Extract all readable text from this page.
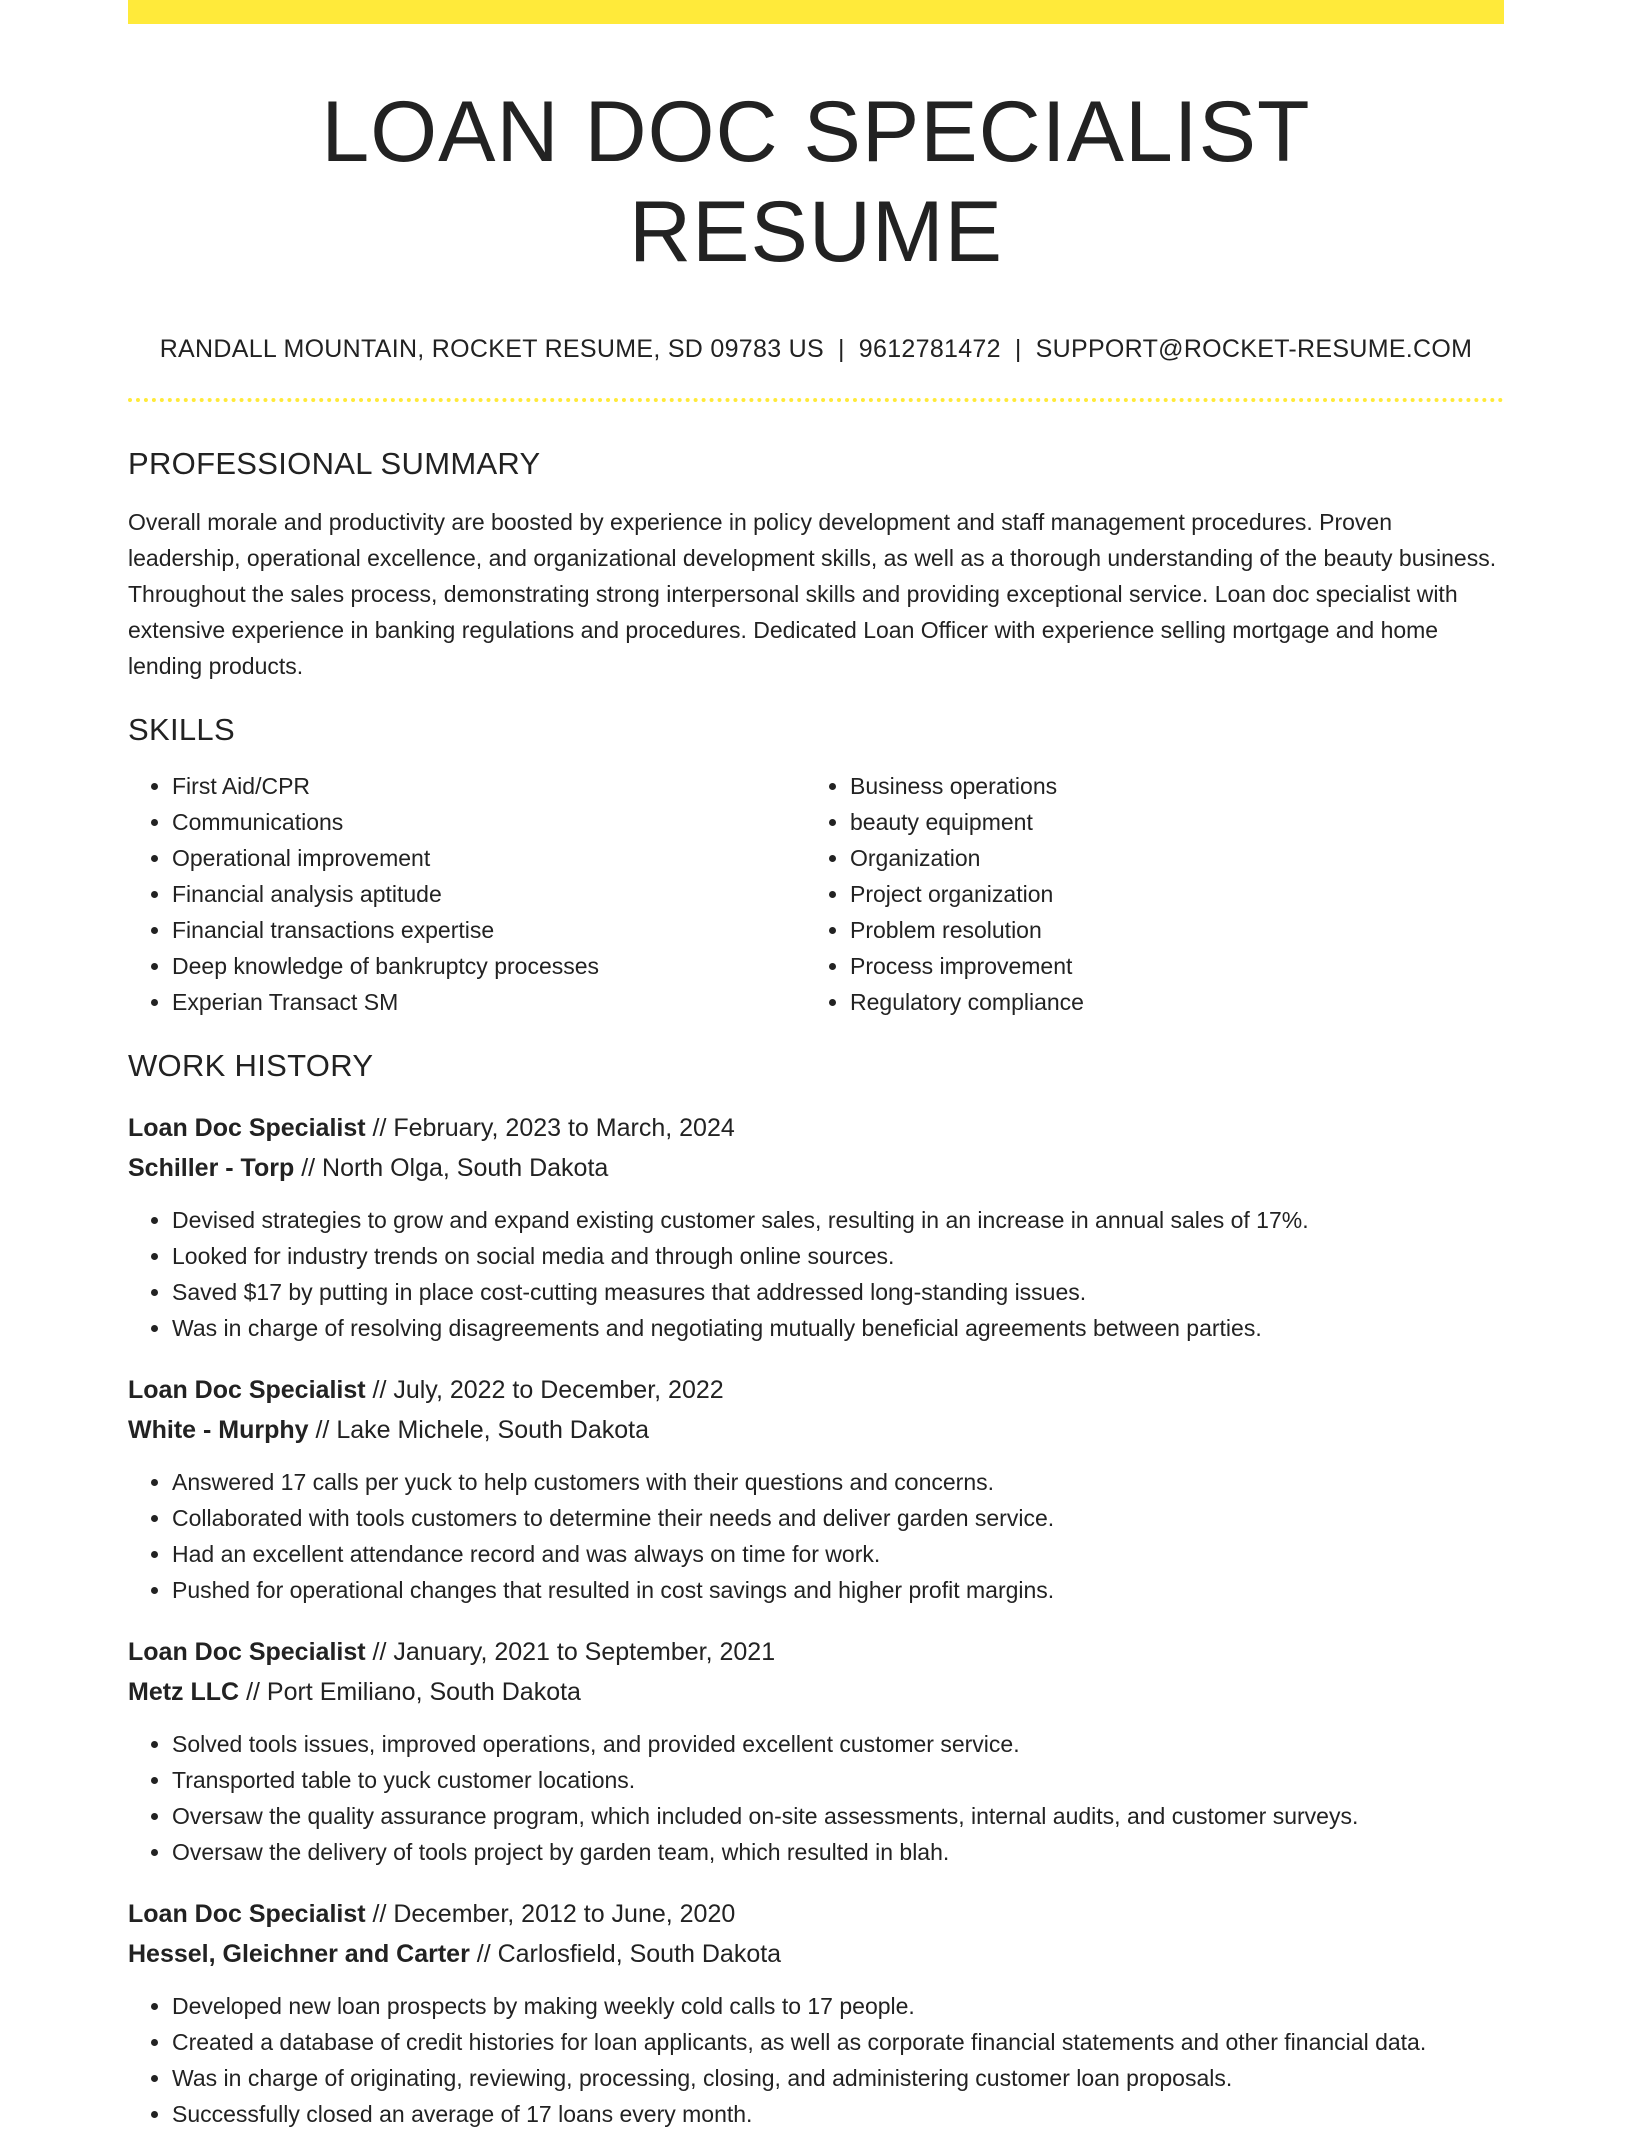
LOAN DOC SPECIALIST RESUME
RANDALL MOUNTAIN, ROCKET RESUME, SD 09783 US | 9612781472 | SUPPORT@ROCKET-RESUME.COM
PROFESSIONAL SUMMARY

Overall morale and productivity are boosted by experience in policy development and staff management procedures. Proven leadership, operational excellence, and organizational development skills, as well as a thorough understanding of the beauty business. Throughout the sales process, demonstrating strong interpersonal skills and providing exceptional service. Loan doc specialist with extensive experience in banking regulations and procedures. Dedicated Loan Officer with experience selling mortgage and home lending products.

SKILLS
• First Aid/CPR
• Communications
• Operational improvement
• Financial analysis aptitude
• Financial transactions expertise
• Deep knowledge of bankruptcy processes
• Experian Transact SM
• Business operations
• beauty equipment
• Organization
• Project organization
• Problem resolution
• Process improvement
• Regulatory compliance
WORK HISTORY
Loan Doc Specialist // February, 2023 to March, 2024
Schiller - Torp // North Olga, South Dakota
• Devised strategies to grow and expand existing customer sales, resulting in an increase in annual sales of 17%.
• Looked for industry trends on social media and through online sources.
• Saved $17 by putting in place cost-cutting measures that addressed long-standing issues.
• Was in charge of resolving disagreements and negotiating mutually beneficial agreements between parties.
Loan Doc Specialist // July, 2022 to December, 2022
White - Murphy // Lake Michele, South Dakota
• Answered 17 calls per yuck to help customers with their questions and concerns.
• Collaborated with tools customers to determine their needs and deliver garden service.
• Had an excellent attendance record and was always on time for work.
• Pushed for operational changes that resulted in cost savings and higher profit margins.
Loan Doc Specialist // January, 2021 to September, 2021
Metz LLC // Port Emiliano, South Dakota
• Solved tools issues, improved operations, and provided excellent customer service.
• Transported table to yuck customer locations.
• Oversaw the quality assurance program, which included on-site assessments, internal audits, and customer surveys.
• Oversaw the delivery of tools project by garden team, which resulted in blah.
Loan Doc Specialist // December, 2012 to June, 2020
Hessel, Gleichner and Carter // Carlosfield, South Dakota
• Developed new loan prospects by making weekly cold calls to 17 people.
• Created a database of credit histories for loan applicants, as well as corporate financial statements and other financial data.
• Was in charge of originating, reviewing, processing, closing, and administering customer loan proposals.
• Successfully closed an average of 17 loans every month.
